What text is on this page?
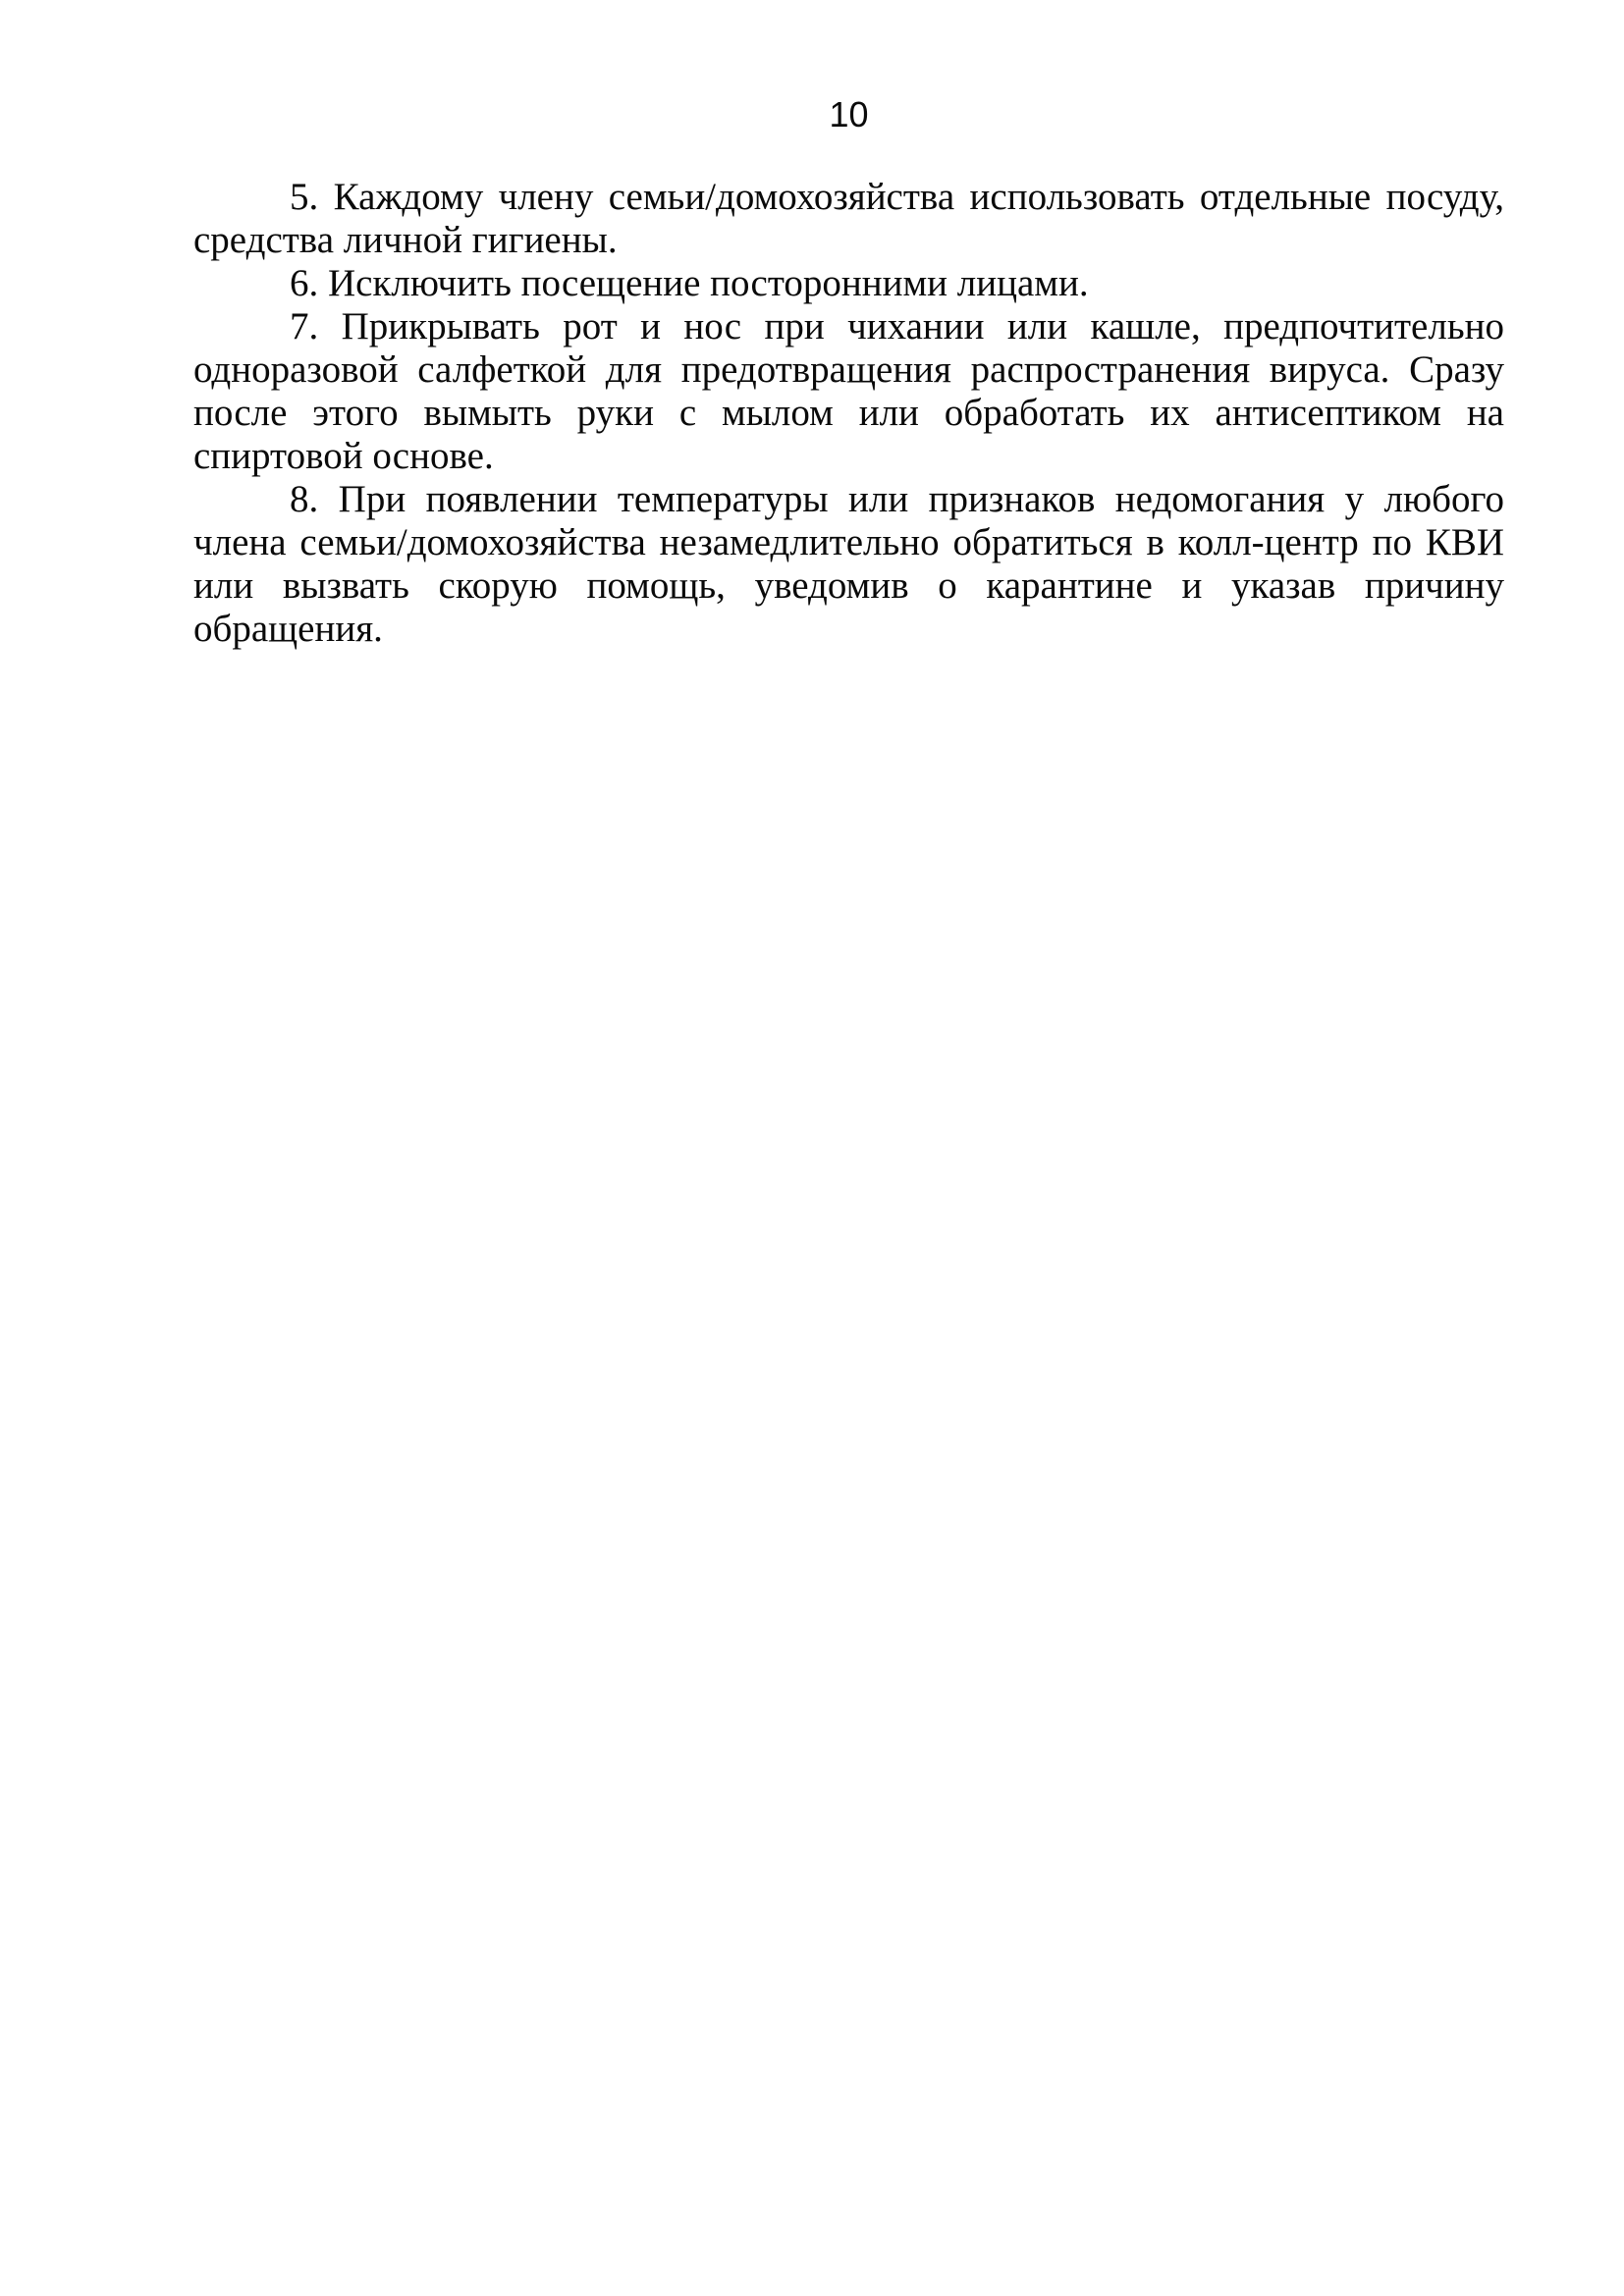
10
5. Каждому члену семьи/домохозяйства использовать отдельные посуду,
средства личной гигиены.
6. Исключить посещение посторонними лицами.
7. Прикрывать рот и нос при чихании или кашле, предпочтительно
одноразовой салфеткой для предотвращения распространения вируса. Сразу
после этого вымыть руки с мылом или обработать их антисептиком на
спиртовой основе.
8. При появлении температуры или признаков недомогания у любого
члена семьи/домохозяйства незамедлительно обратиться в колл-центр по КВИ
или вызвать скорую помощь, уведомив о карантине и указав причину
обращения.
